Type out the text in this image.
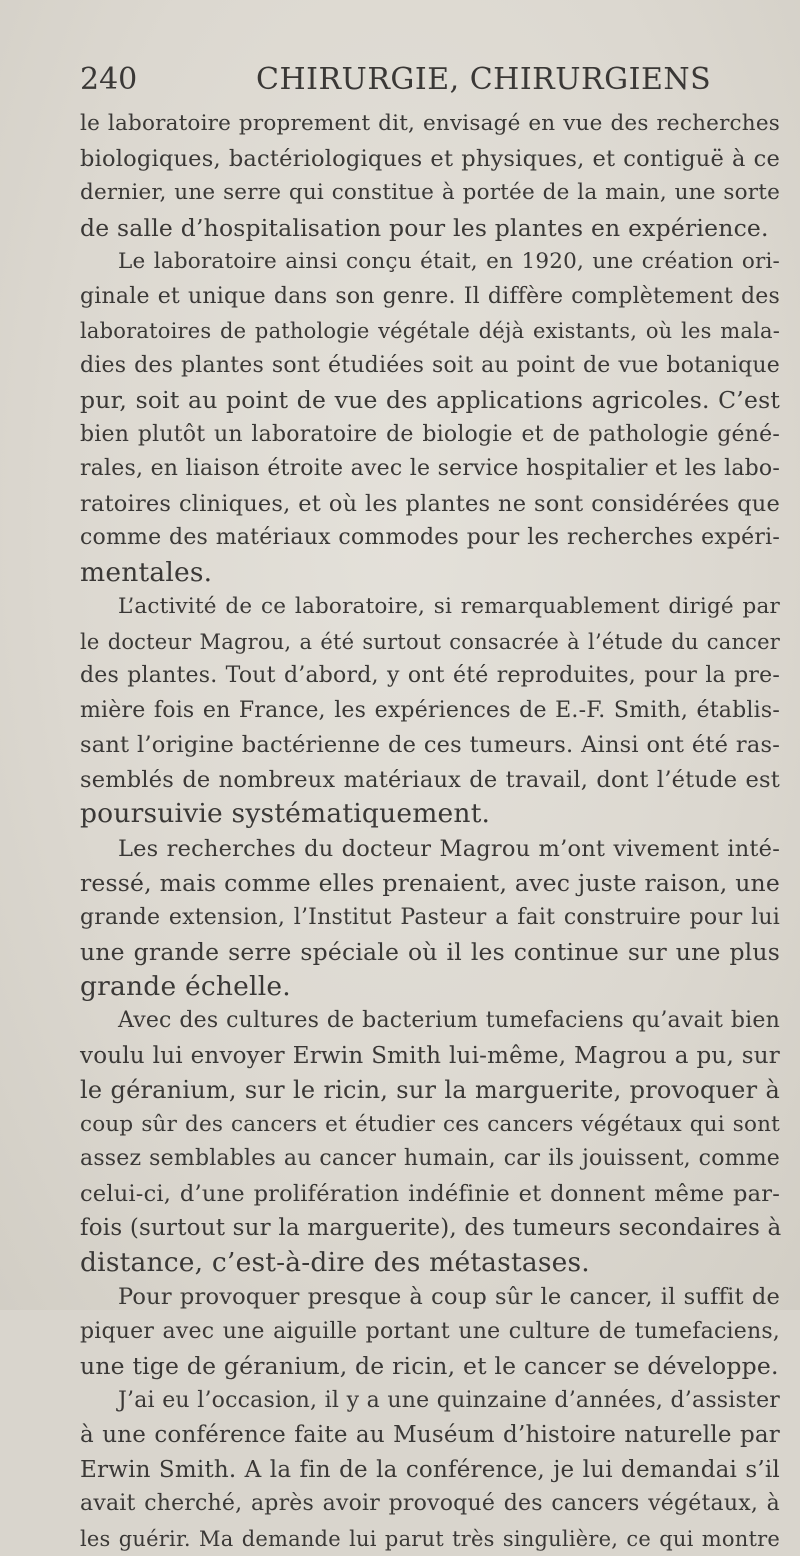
240	CHIRURGIE, CHIRURGIENS
le laboratoire proprement dit, envisagé en vue des recherches
biologiques, bactériologiques et physiques, et contiguë à ce
dernier, une serre qui constitue à portée de la main, une sorte
de salle d’hospitalisation pour les plantes en expérience.
Le laboratoire ainsi conçu était, en 1920, une création ori-
ginale et unique dans son genre. Il diffère complètement des
laboratoires de pathologie végétale déjà existants, où les mala-
dies des plantes sont étudiées soit au point de vue botanique
pur, soit au point de vue des applications agricoles. C’est
bien plutôt un laboratoire de biologie et de pathologie géné-
rales, en liaison étroite avec le service hospitalier et les labo-
ratoires cliniques, et où les plantes ne sont considérées que
comme des matériaux commodes pour les recherches expéri-
mentales.
L’activité de ce laboratoire, si remarquablement dirigé par
le docteur Magrou, a été surtout consacrée à l’étude du cancer
des plantes. Tout d’abord, y ont été reproduites, pour la pre-
mière fois en France, les expériences de E.-F. Smith, établis-
sant l’origine bactérienne de ces tumeurs. Ainsi ont été ras-
semblés de nombreux matériaux de travail, dont l’étude est
poursuivie systématiquement.
Les recherches du docteur Magrou m’ont vivement inté-
ressé, mais comme elles prenaient, avec juste raison, une
grande extension, l’Institut Pasteur a fait construire pour lui
une grande serre spéciale où il les continue sur une plus
grande échelle.
Avec des cultures de bacterium tumefaciens qu’avait bien
voulu lui envoyer Erwin Smith lui-même, Magrou a pu, sur
le géranium, sur le ricin, sur la marguerite, provoquer à
coup sûr des cancers et étudier ces cancers végétaux qui sont
assez semblables au cancer humain, car ils jouissent, comme
celui-ci, d’une prolifération indéfinie et donnent même par-
fois (surtout sur la marguerite), des tumeurs secondaires à
distance, c’est-à-dire des métastases.
Pour provoquer presque à coup sûr le cancer, il suffit de
piquer avec une aiguille portant une culture de tumefaciens,
une tige de géranium, de ricin, et le cancer se développe.
J’ai eu l’occasion, il y a une quinzaine d’années, d’assister
à une conférence faite au Muséum d’histoire naturelle par
Erwin Smith. A la fin de la conférence, je lui demandai s’il
avait cherché, après avoir provoqué des cancers végétaux, à
les guérir. Ma demande lui parut très singulière, ce qui montre
